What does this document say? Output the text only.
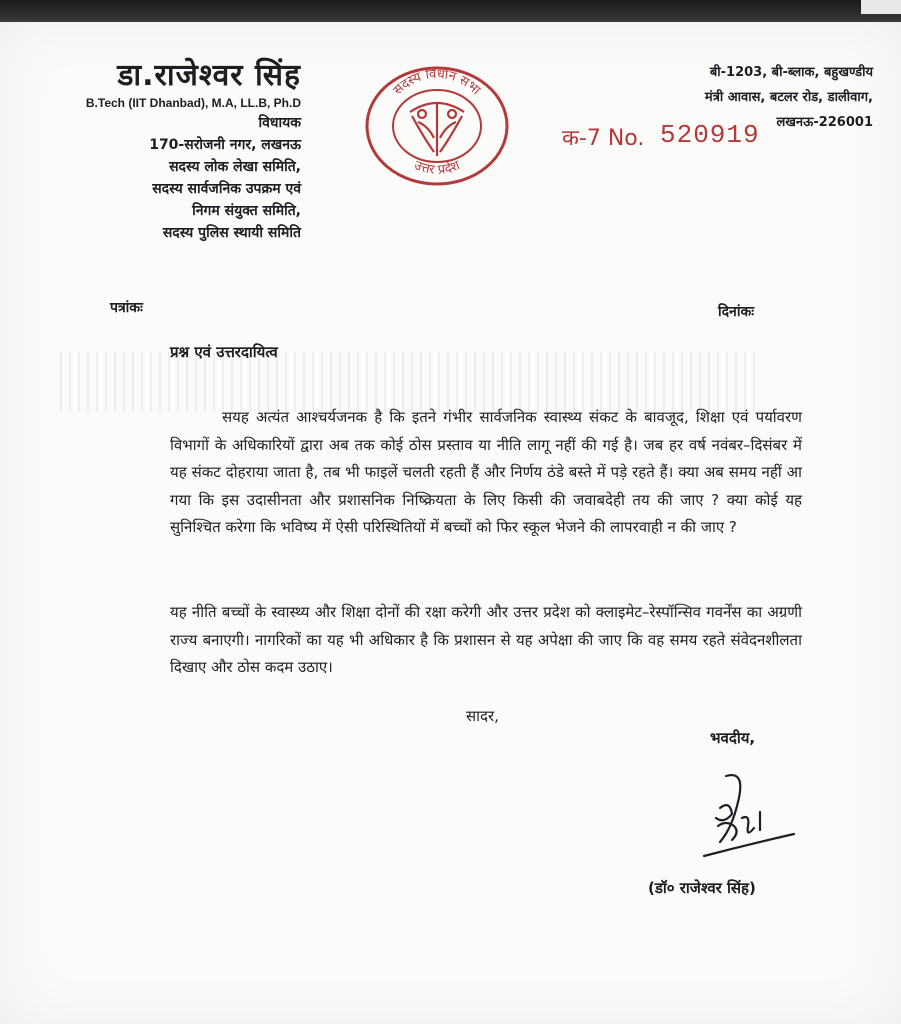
डा.राजेश्वर सिंह
B.Tech (IIT Dhanbad), M.A, LL.B, Ph.D
विधायक
170-सरोजनी नगर, लखनऊ
सदस्य लोक लेखा समिति,
सदस्य सार्वजनिक उपक्रम एवं
निगम संयुक्त समिति,
सदस्य पुलिस स्थायी समिति
सदस्य विधान सभा
उत्तर प्रदेश
क-7 No. 520919
बी-1203, बी-ब्लाक, बहुखण्डीय
मंत्री आवास, बटलर रोड, डालीवाग,
लखनऊ-226001
पत्रांकः	दिनांकः
प्रश्न एवं उत्तरदायित्व
सयह अत्यंत आश्चर्यजनक है कि इतने गंभीर सार्वजनिक स्वास्थ्य संकट के बावजूद, शिक्षा एवं पर्यावरण विभागों के अधिकारियों द्वारा अब तक कोई ठोस प्रस्ताव या नीति लागू नहीं की गई है। जब हर वर्ष नवंबर–दिसंबर में यह संकट दोहराया जाता है, तब भी फाइलें चलती रहती हैं और निर्णय ठंडे बस्ते में पड़े रहते हैं। क्या अब समय नहीं आ गया कि इस उदासीनता और प्रशासनिक निष्क्रियता के लिए किसी की जवाबदेही तय की जाए ? क्या कोई यह सुनिश्चित करेगा कि भविष्य में ऐसी परिस्थितियों में बच्चों को फिर स्कूल भेजने की लापरवाही न की जाए ?
यह नीति बच्चों के स्वास्थ्य और शिक्षा दोनों की रक्षा करेगी और उत्तर प्रदेश को क्लाइमेट–रेस्पॉन्सिव गवर्नेंस का अग्रणी राज्य बनाएगी। नागरिकों का यह भी अधिकार है कि प्रशासन से यह अपेक्षा की जाए कि वह समय रहते संवेदनशीलता दिखाए और ठोस कदम उठाए।
सादर,
भवदीय,
(डॉ० राजेश्वर सिंह)
